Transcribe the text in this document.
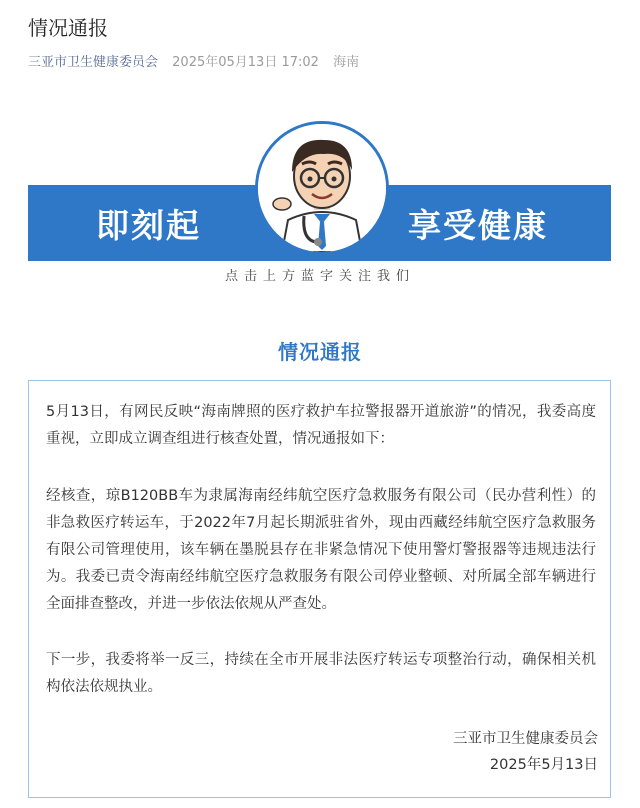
情况通报
三亚市卫生健康委员会 2025年05月13日 17:02 海南
即刻起	享受健康
点击上方蓝字关注我们
情况通报
5月13日，有网民反映“海南牌照的医疗救护车拉警报器开道旅游”的情况，我委高度重视，立即成立调查组进行核查处置，情况通报如下：
经核查，琼B120BB车为隶属海南经纬航空医疗急救服务有限公司（民办营利性）的非急救医疗转运车，于2022年7月起长期派驻省外，现由西藏经纬航空医疗急救服务有限公司管理使用，该车辆在墨脱县存在非紧急情况下使用警灯警报器等违规违法行为。我委已责令海南经纬航空医疗急救服务有限公司停业整顿、对所属全部车辆进行全面排查整改，并进一步依法依规从严查处。
下一步，我委将举一反三，持续在全市开展非法医疗转运专项整治行动，确保相关机构依法依规执业。
三亚市卫生健康委员会
2025年5月13日
